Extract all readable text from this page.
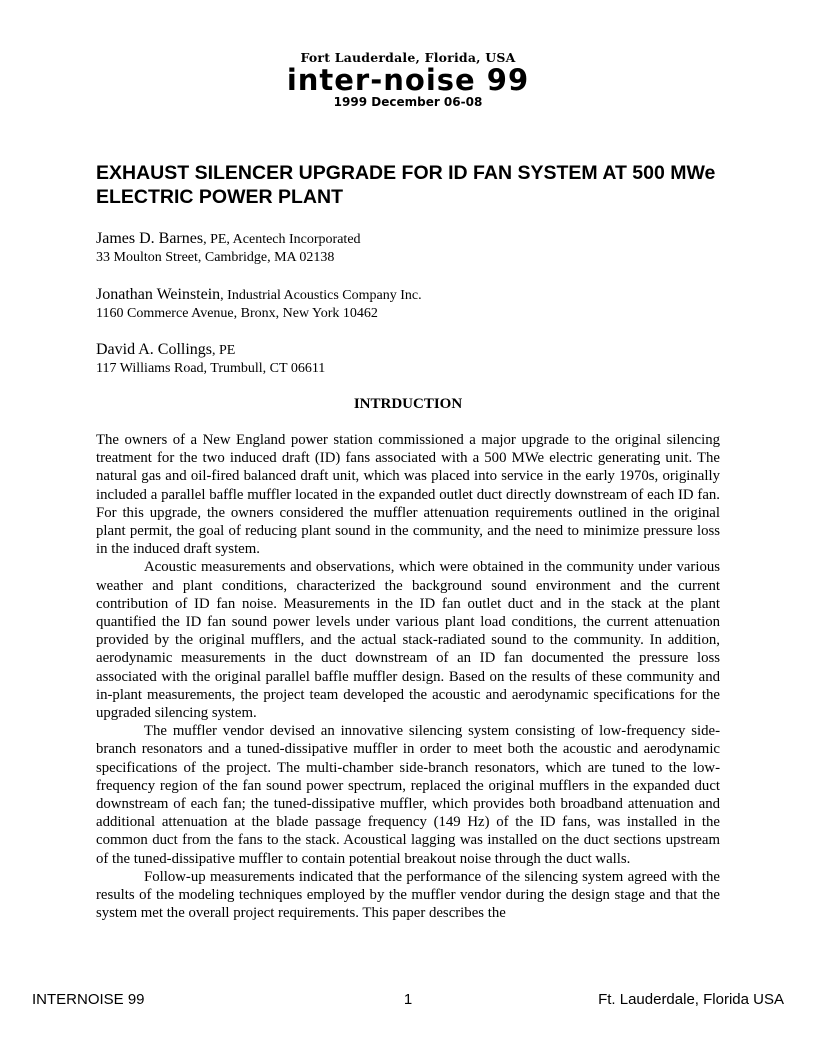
Fort Lauderdale, Florida, USA
inter-noise 99
1999 December 06-08
EXHAUST SILENCER UPGRADE FOR ID FAN SYSTEM AT 500 MWe ELECTRIC POWER PLANT
James D. Barnes, PE, Acentech Incorporated
33 Moulton Street, Cambridge, MA 02138
Jonathan Weinstein, Industrial Acoustics Company Inc.
1160 Commerce Avenue, Bronx, New York 10462
David A. Collings, PE
117 Williams Road, Trumbull, CT 06611
INTRDUCTION

The owners of a New England power station commissioned a major upgrade to the original silencing treatment for the two induced draft (ID) fans associated with a 500 MWe electric generating unit. The natural gas and oil-fired balanced draft unit, which was placed into service in the early 1970s, originally included a parallel baffle muffler located in the expanded outlet duct directly downstream of each ID fan. For this upgrade, the owners considered the muffler attenuation requirements outlined in the original plant permit, the goal of reducing plant sound in the community, and the need to minimize pressure loss in the induced draft system.

Acoustic measurements and observations, which were obtained in the community under various weather and plant conditions, characterized the background sound environment and the current contribution of ID fan noise. Measurements in the ID fan outlet duct and in the stack at the plant quantified the ID fan sound power levels under various plant load conditions, the current attenuation provided by the original mufflers, and the actual stack-radiated sound to the community. In addition, aerodynamic measurements in the duct downstream of an ID fan documented the pressure loss associated with the original parallel baffle muffler design. Based on the results of these community and in-plant measurements, the project team developed the acoustic and aerodynamic specifications for the upgraded silencing system.

The muffler vendor devised an innovative silencing system consisting of low-frequency side-branch resonators and a tuned-dissipative muffler in order to meet both the acoustic and aerodynamic specifications of the project. The multi-chamber side-branch resonators, which are tuned to the low-frequency region of the fan sound power spectrum, replaced the original mufflers in the expanded duct downstream of each fan; the tuned-dissipative muffler, which provides both broadband attenuation and additional attenuation at the blade passage frequency (149 Hz) of the ID fans, was installed in the common duct from the fans to the stack. Acoustical lagging was installed on the duct sections upstream of the tuned-dissipative muffler to contain potential breakout noise through the duct walls.

Follow-up measurements indicated that the performance of the silencing system agreed with the results of the modeling techniques employed by the muffler vendor during the design stage and that the system met the overall project requirements. This paper describes the

INTERNOISE 99	1	Ft. Lauderdale, Florida USA
